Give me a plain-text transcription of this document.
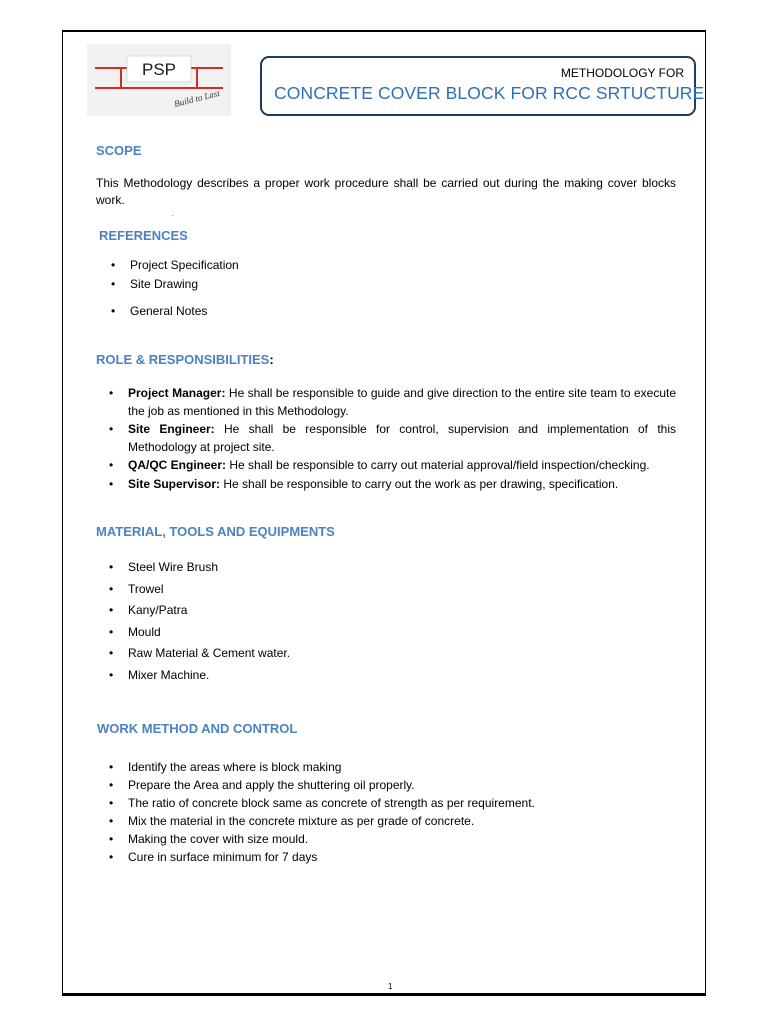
PSP
Build to Last
METHODOLOGY FOR
CONCRETE COVER BLOCK FOR RCC SRTUCTURE
SCOPE
This Methodology describes a proper work procedure shall be carried out during the making cover blocks work.
.
REFERENCES
• Project Specification
• Site Drawing
• General Notes
ROLE & RESPONSIBILITIES:
• Project Manager: He shall be responsible to guide and give direction to the entire site team to execute the job as mentioned in this Methodology.
• Site Engineer: He shall be responsible for control, supervision and implementation of this Methodology at project site.
• QA/QC Engineer: He shall be responsible to carry out material approval/field inspection/checking.
• Site Supervisor: He shall be responsible to carry out the work as per drawing, specification.
MATERIAL, TOOLS AND EQUIPMENTS
• Steel Wire Brush
• Trowel
• Kany/Patra
• Mould
• Raw Material & Cement water.
• Mixer Machine.
WORK METHOD AND CONTROL
• Identify the areas where is block making
• Prepare the Area and apply the shuttering oil properly.
• The ratio of concrete block same as concrete of strength as per requirement.
• Mix the material in the concrete mixture as per grade of concrete.
• Making the cover with size mould.
• Cure in surface minimum for 7 days
1
